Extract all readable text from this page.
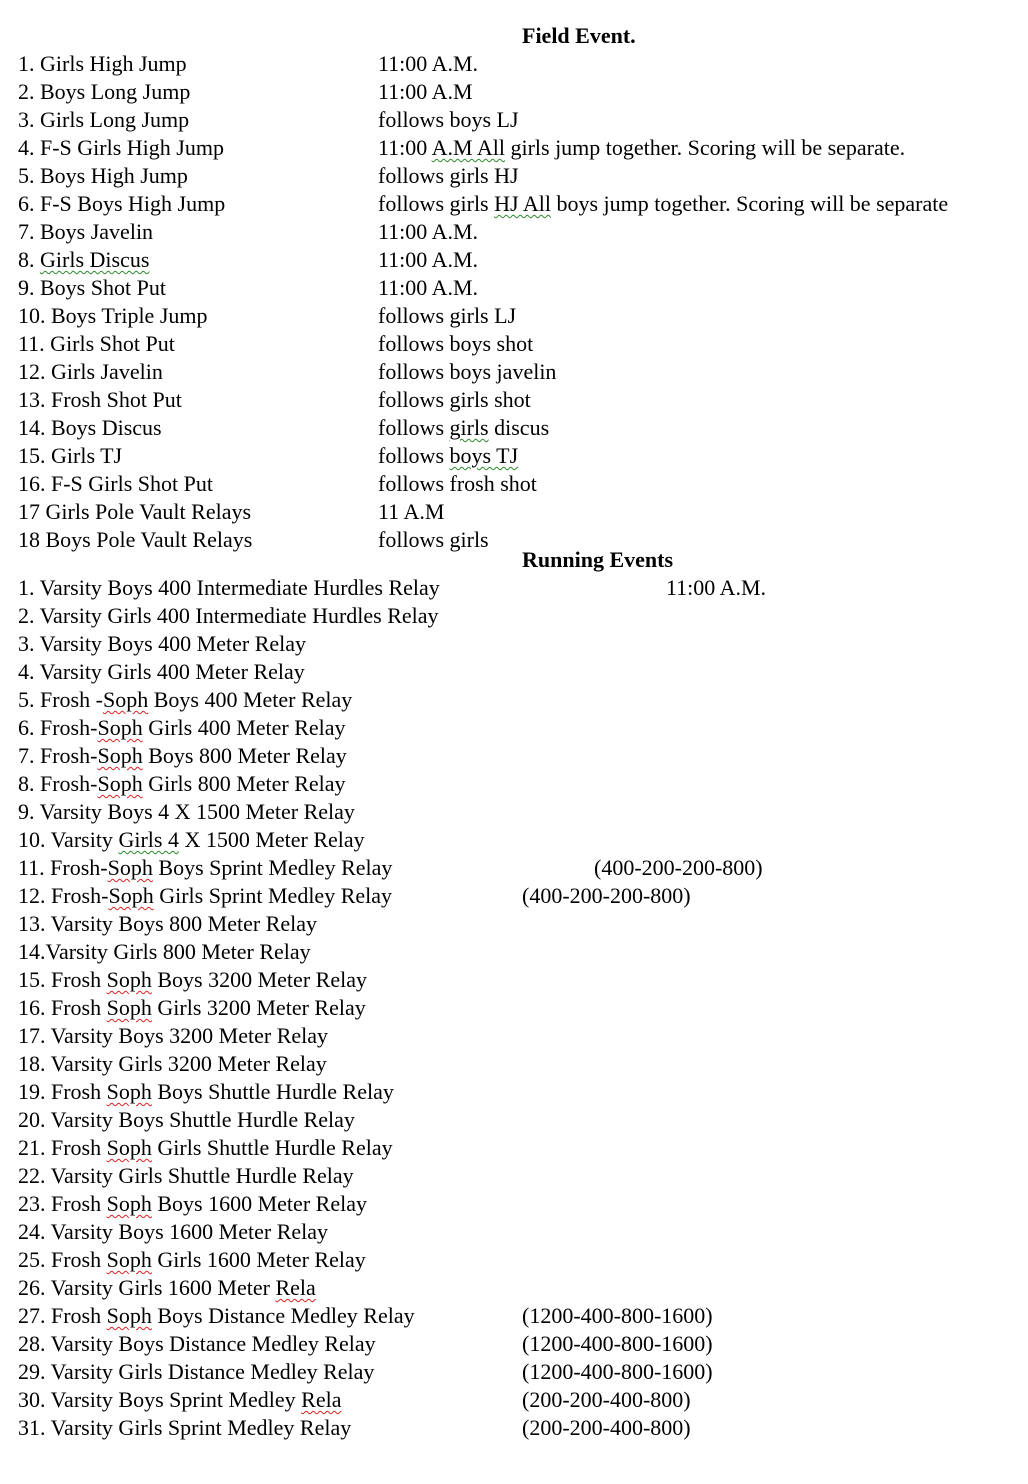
Field Event.
1. Girls High Jump	11:00 A.M.
2. Boys Long Jump	11:00 A.M
3. Girls Long Jump	follows boys LJ
4. F-S Girls High Jump	11:00 A.M All girls jump together. Scoring will be separate.
5. Boys High Jump	follows girls HJ
6. F-S Boys High Jump	follows girls HJ All boys jump together. Scoring will be separate
7. Boys Javelin	11:00 A.M.
8. Girls Discus	11:00 A.M.
9. Boys Shot Put	11:00 A.M.
10. Boys Triple Jump	follows girls LJ
11. Girls Shot Put	follows boys shot
12. Girls Javelin	follows boys javelin
13. Frosh Shot Put	follows girls shot
14. Boys Discus	follows girls discus
15. Girls TJ	follows boys TJ
16. F-S Girls Shot Put	follows frosh shot
17 Girls Pole Vault Relays	11 A.M
18 Boys Pole Vault Relays	follows girls
Running Events
1. Varsity Boys 400 Intermediate Hurdles Relay	11:00 A.M.
2. Varsity Girls 400 Intermediate Hurdles Relay
3. Varsity Boys 400 Meter Relay
4. Varsity Girls 400 Meter Relay
5. Frosh -Soph Boys 400 Meter Relay
6. Frosh-Soph Girls 400 Meter Relay
7. Frosh-Soph Boys 800 Meter Relay
8. Frosh-Soph Girls 800 Meter Relay
9. Varsity Boys 4 X 1500 Meter Relay
10. Varsity Girls 4 X 1500 Meter Relay
11. Frosh-Soph Boys Sprint Medley Relay	(400-200-200-800)
12. Frosh-Soph Girls Sprint Medley Relay	(400-200-200-800)
13. Varsity Boys 800 Meter Relay
14.Varsity Girls 800 Meter Relay
15. Frosh Soph Boys 3200 Meter Relay
16. Frosh Soph Girls 3200 Meter Relay
17. Varsity Boys 3200 Meter Relay
18. Varsity Girls 3200 Meter Relay
19. Frosh Soph Boys Shuttle Hurdle Relay
20. Varsity Boys Shuttle Hurdle Relay
21. Frosh Soph Girls Shuttle Hurdle Relay
22. Varsity Girls Shuttle Hurdle Relay
23. Frosh Soph Boys 1600 Meter Relay
24. Varsity Boys 1600 Meter Relay
25. Frosh Soph Girls 1600 Meter Relay
26. Varsity Girls 1600 Meter Rela
27. Frosh Soph Boys Distance Medley Relay	(1200-400-800-1600)
28. Varsity Boys Distance Medley Relay	(1200-400-800-1600)
29. Varsity Girls Distance Medley Relay	(1200-400-800-1600)
30. Varsity Boys Sprint Medley Rela	(200-200-400-800)
31. Varsity Girls Sprint Medley Relay	(200-200-400-800)
